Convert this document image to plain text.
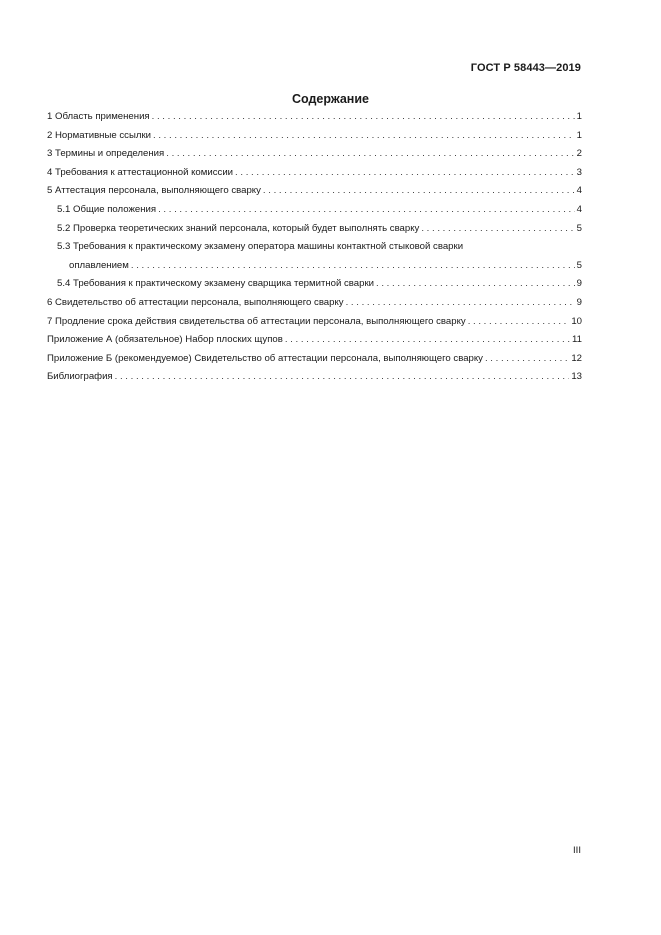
ГОСТ Р 58443—2019
Содержание
1 Область применения . . .	1
2 Нормативные ссылки . . .	1
3 Термины и определения . . .	2
4 Требования к аттестационной комиссии . . .	3
5 Аттестация персонала, выполняющего сварку . . .	4
5.1 Общие положения . . .	4
5.2 Проверка теоретических знаний персонала, который будет выполнять сварку . . .	5
5.3 Требования к практическому экзамену оператора машины контактной стыковой сварки
оплавлением . . .	5
5.4 Требования к практическому экзамену сварщика термитной сварки . . .	9
6 Свидетельство об аттестации персонала, выполняющего сварку . . .	9
7 Продление срока действия свидетельства об аттестации персонала, выполняющего сварку . . .	10
Приложение А (обязательное) Набор плоских щупов . . .	11
Приложение Б (рекомендуемое) Свидетельство об аттестации персонала, выполняющего сварку . . .	12
Библиография . . .	13
III
